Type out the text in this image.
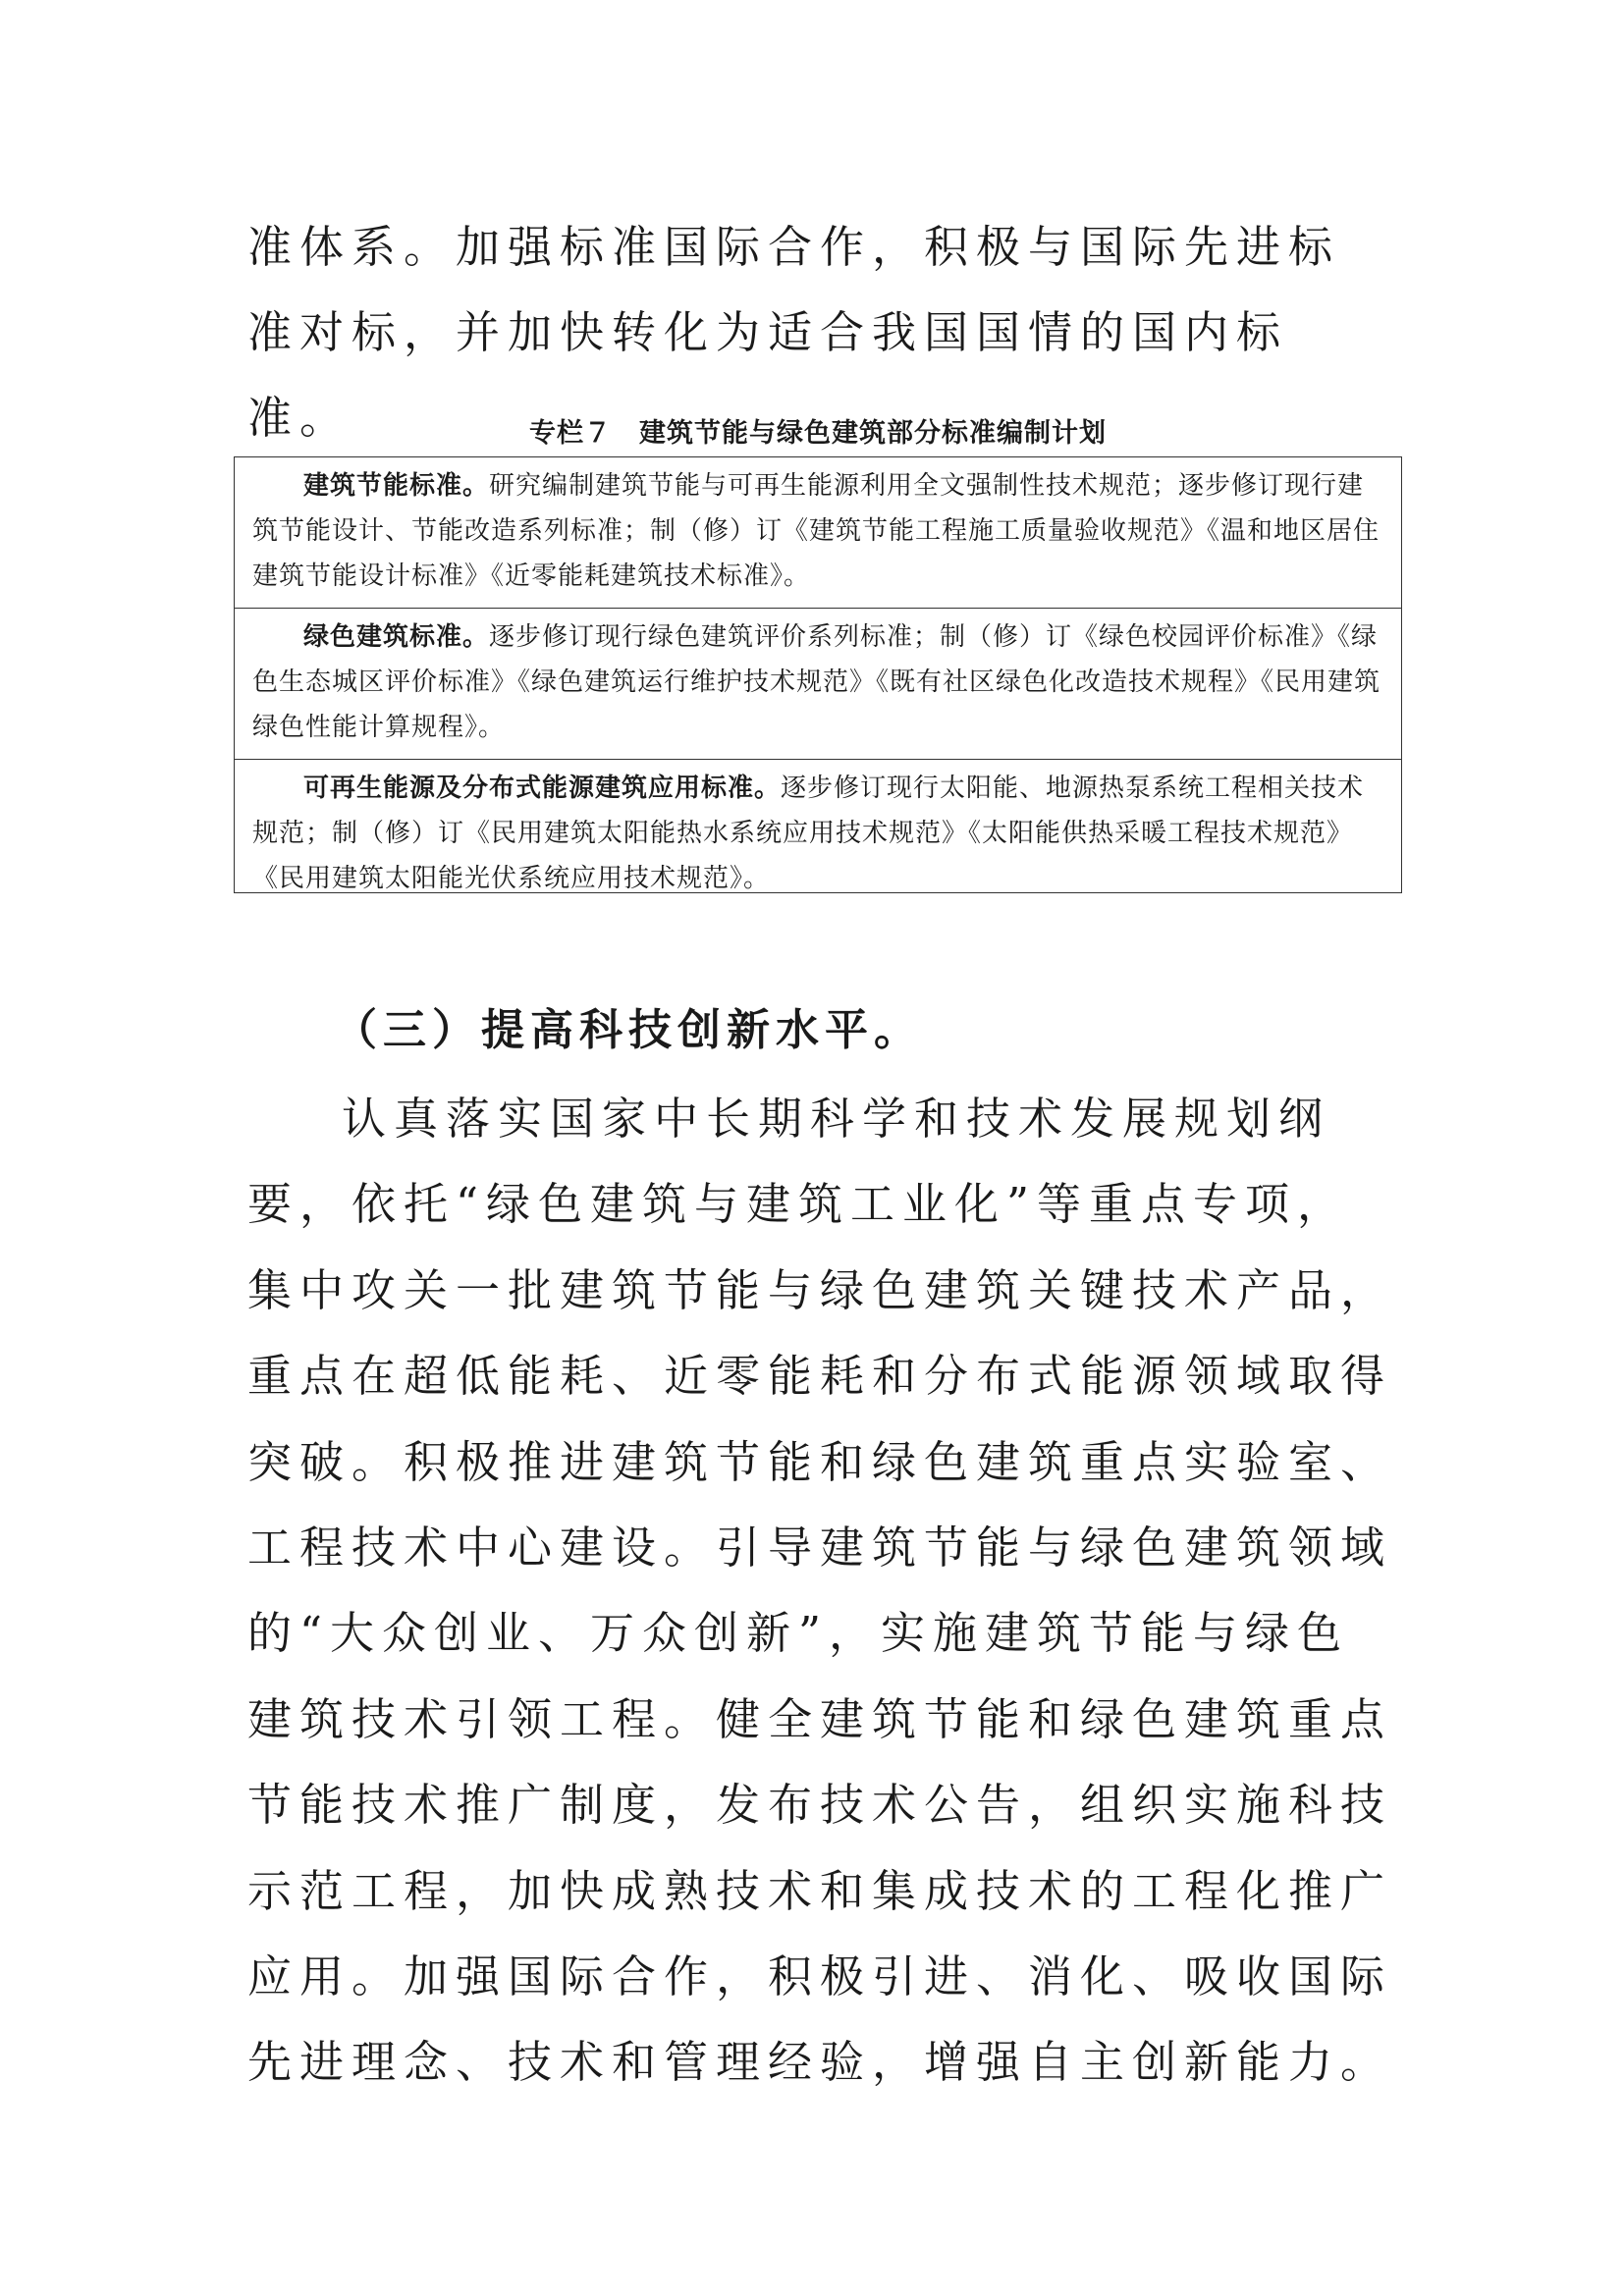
准体系。加强标准国际合作，积极与国际先进标准对标，并加快转化为适合我国国情的国内标准。	专栏７　建筑节能与绿色建筑部分标准编制计划
建筑节能标准。研究编制建筑节能与可再生能源利用全文强制性技术规范；逐步修订现行建筑节能设计、节能改造系列标准；制（修）订《建筑节能工程施工质量验收规范》《温和地区居住建筑节能设计标准》《近零能耗建筑技术标准》。
绿色建筑标准。逐步修订现行绿色建筑评价系列标准；制（修）订《绿色校园评价标准》《绿色生态城区评价标准》《绿色建筑运行维护技术规范》《既有社区绿色化改造技术规程》《民用建筑绿色性能计算规程》。
可再生能源及分布式能源建筑应用标准。逐步修订现行太阳能、地源热泵系统工程相关技术规范；制（修）订《民用建筑太阳能热水系统应用技术规范》《太阳能供热采暖工程技术规范》《民用建筑太阳能光伏系统应用技术规范》。
（三）提高科技创新水平。

认真落实国家中长期科学和技术发展规划纲要，依托“绿色建筑与建筑工业化”等重点专项，集中攻关一批建筑节能与绿色建筑关键技术产品，重点在超低能耗、近零能耗和分布式能源领域取得突破。积极推进建筑节能和绿色建筑重点实验室、工程技术中心建设。引导建筑节能与绿色建筑领域的“大众创业、万众创新”，实施建筑节能与绿色建筑技术引领工程。健全建筑节能和绿色建筑重点节能技术推广制度，发布技术公告，组织实施科技示范工程，加快成熟技术和集成技术的工程化推广应用。加强国际合作，积极引进、消化、吸收国际先进理念、技术和管理经验，增强自主创新能力。
